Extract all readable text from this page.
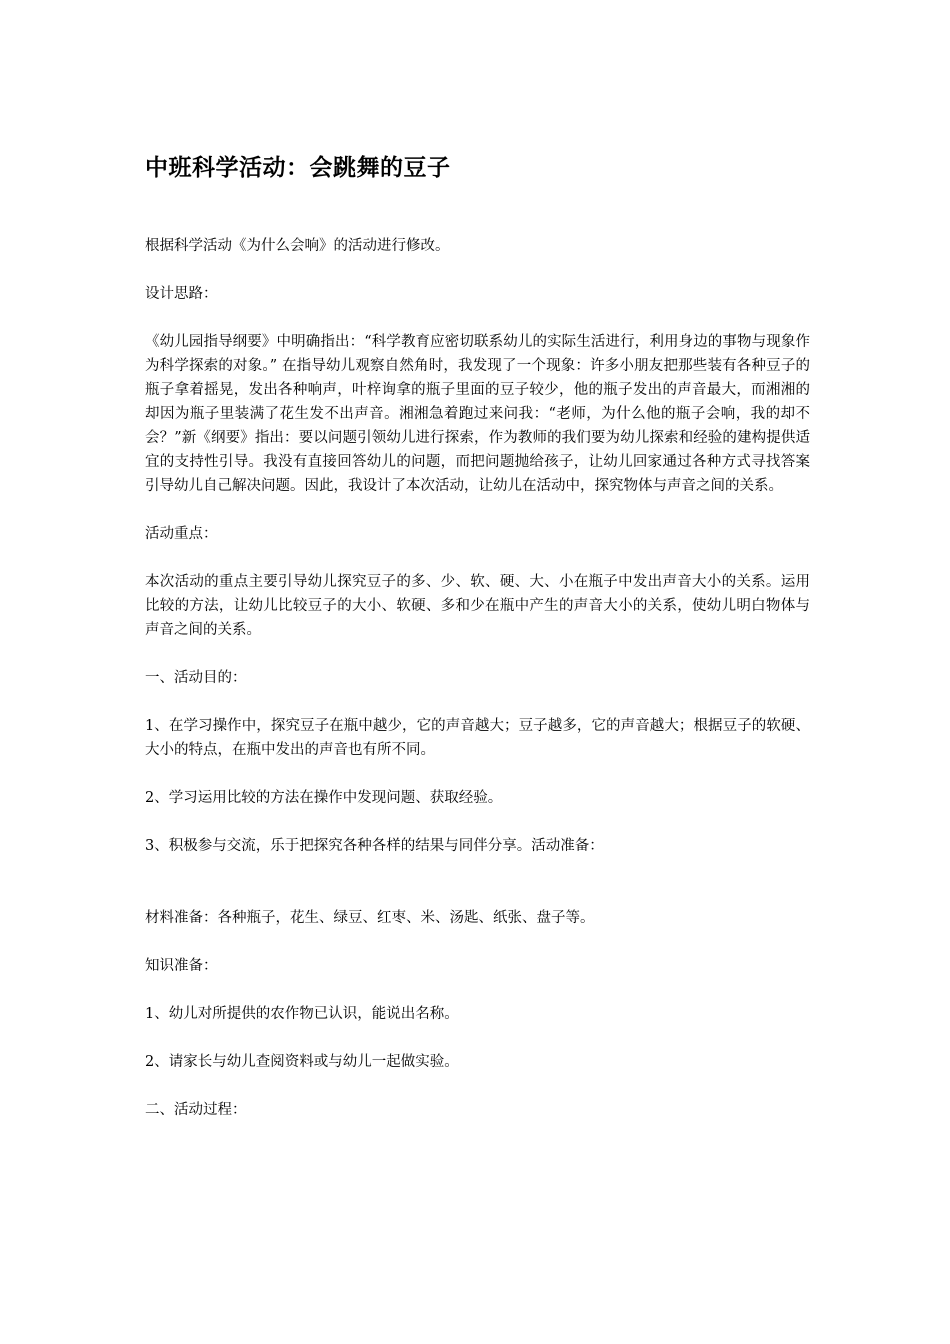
中班科学活动：会跳舞的豆子

根据科学活动《为什么会响》的活动进行修改。

设计思路：

《幼儿园指导纲要》中明确指出：“科学教育应密切联系幼儿的实际生活进行，利用身边的事物与现象作为科学探索的对象。” 在指导幼儿观察自然角时，我发现了一个现象：许多小朋友把那些装有各种豆子的瓶子拿着摇晃，发出各种响声，叶梓询拿的瓶子里面的豆子较少，他的瓶子发出的声音最大，而湘湘的却因为瓶子里装满了花生发不出声音。湘湘急着跑过来问我：“老师，为什么他的瓶子会响，我的却不会？”新《纲要》指出：要以问题引领幼儿进行探索，作为教师的我们要为幼儿探索和经验的建构提供适宜的支持性引导。我没有直接回答幼儿的问题，而把问题抛给孩子，让幼儿回家通过各种方式寻找答案引导幼儿自己解决问题。因此，我设计了本次活动，让幼儿在活动中，探究物体与声音之间的关系。

活动重点：

本次活动的重点主要引导幼儿探究豆子的多、少、软、硬、大、小在瓶子中发出声音大小的关系。运用比较的方法，让幼儿比较豆子的大小、软硬、多和少在瓶中产生的声音大小的关系，使幼儿明白物体与声音之间的关系。

一、活动目的：

1、在学习操作中，探究豆子在瓶中越少，它的声音越大；豆子越多，它的声音越大；根据豆子的软硬、大小的特点，在瓶中发出的声音也有所不同。

2、学习运用比较的方法在操作中发现问题、获取经验。

3、积极参与交流，乐于把探究各种各样的结果与同伴分享。活动准备：

材料准备：各种瓶子，花生、绿豆、红枣、米、汤匙、纸张、盘子等。

知识准备：

1、幼儿对所提供的农作物已认识，能说出名称。

2、请家长与幼儿查阅资料或与幼儿一起做实验。

二、活动过程：
